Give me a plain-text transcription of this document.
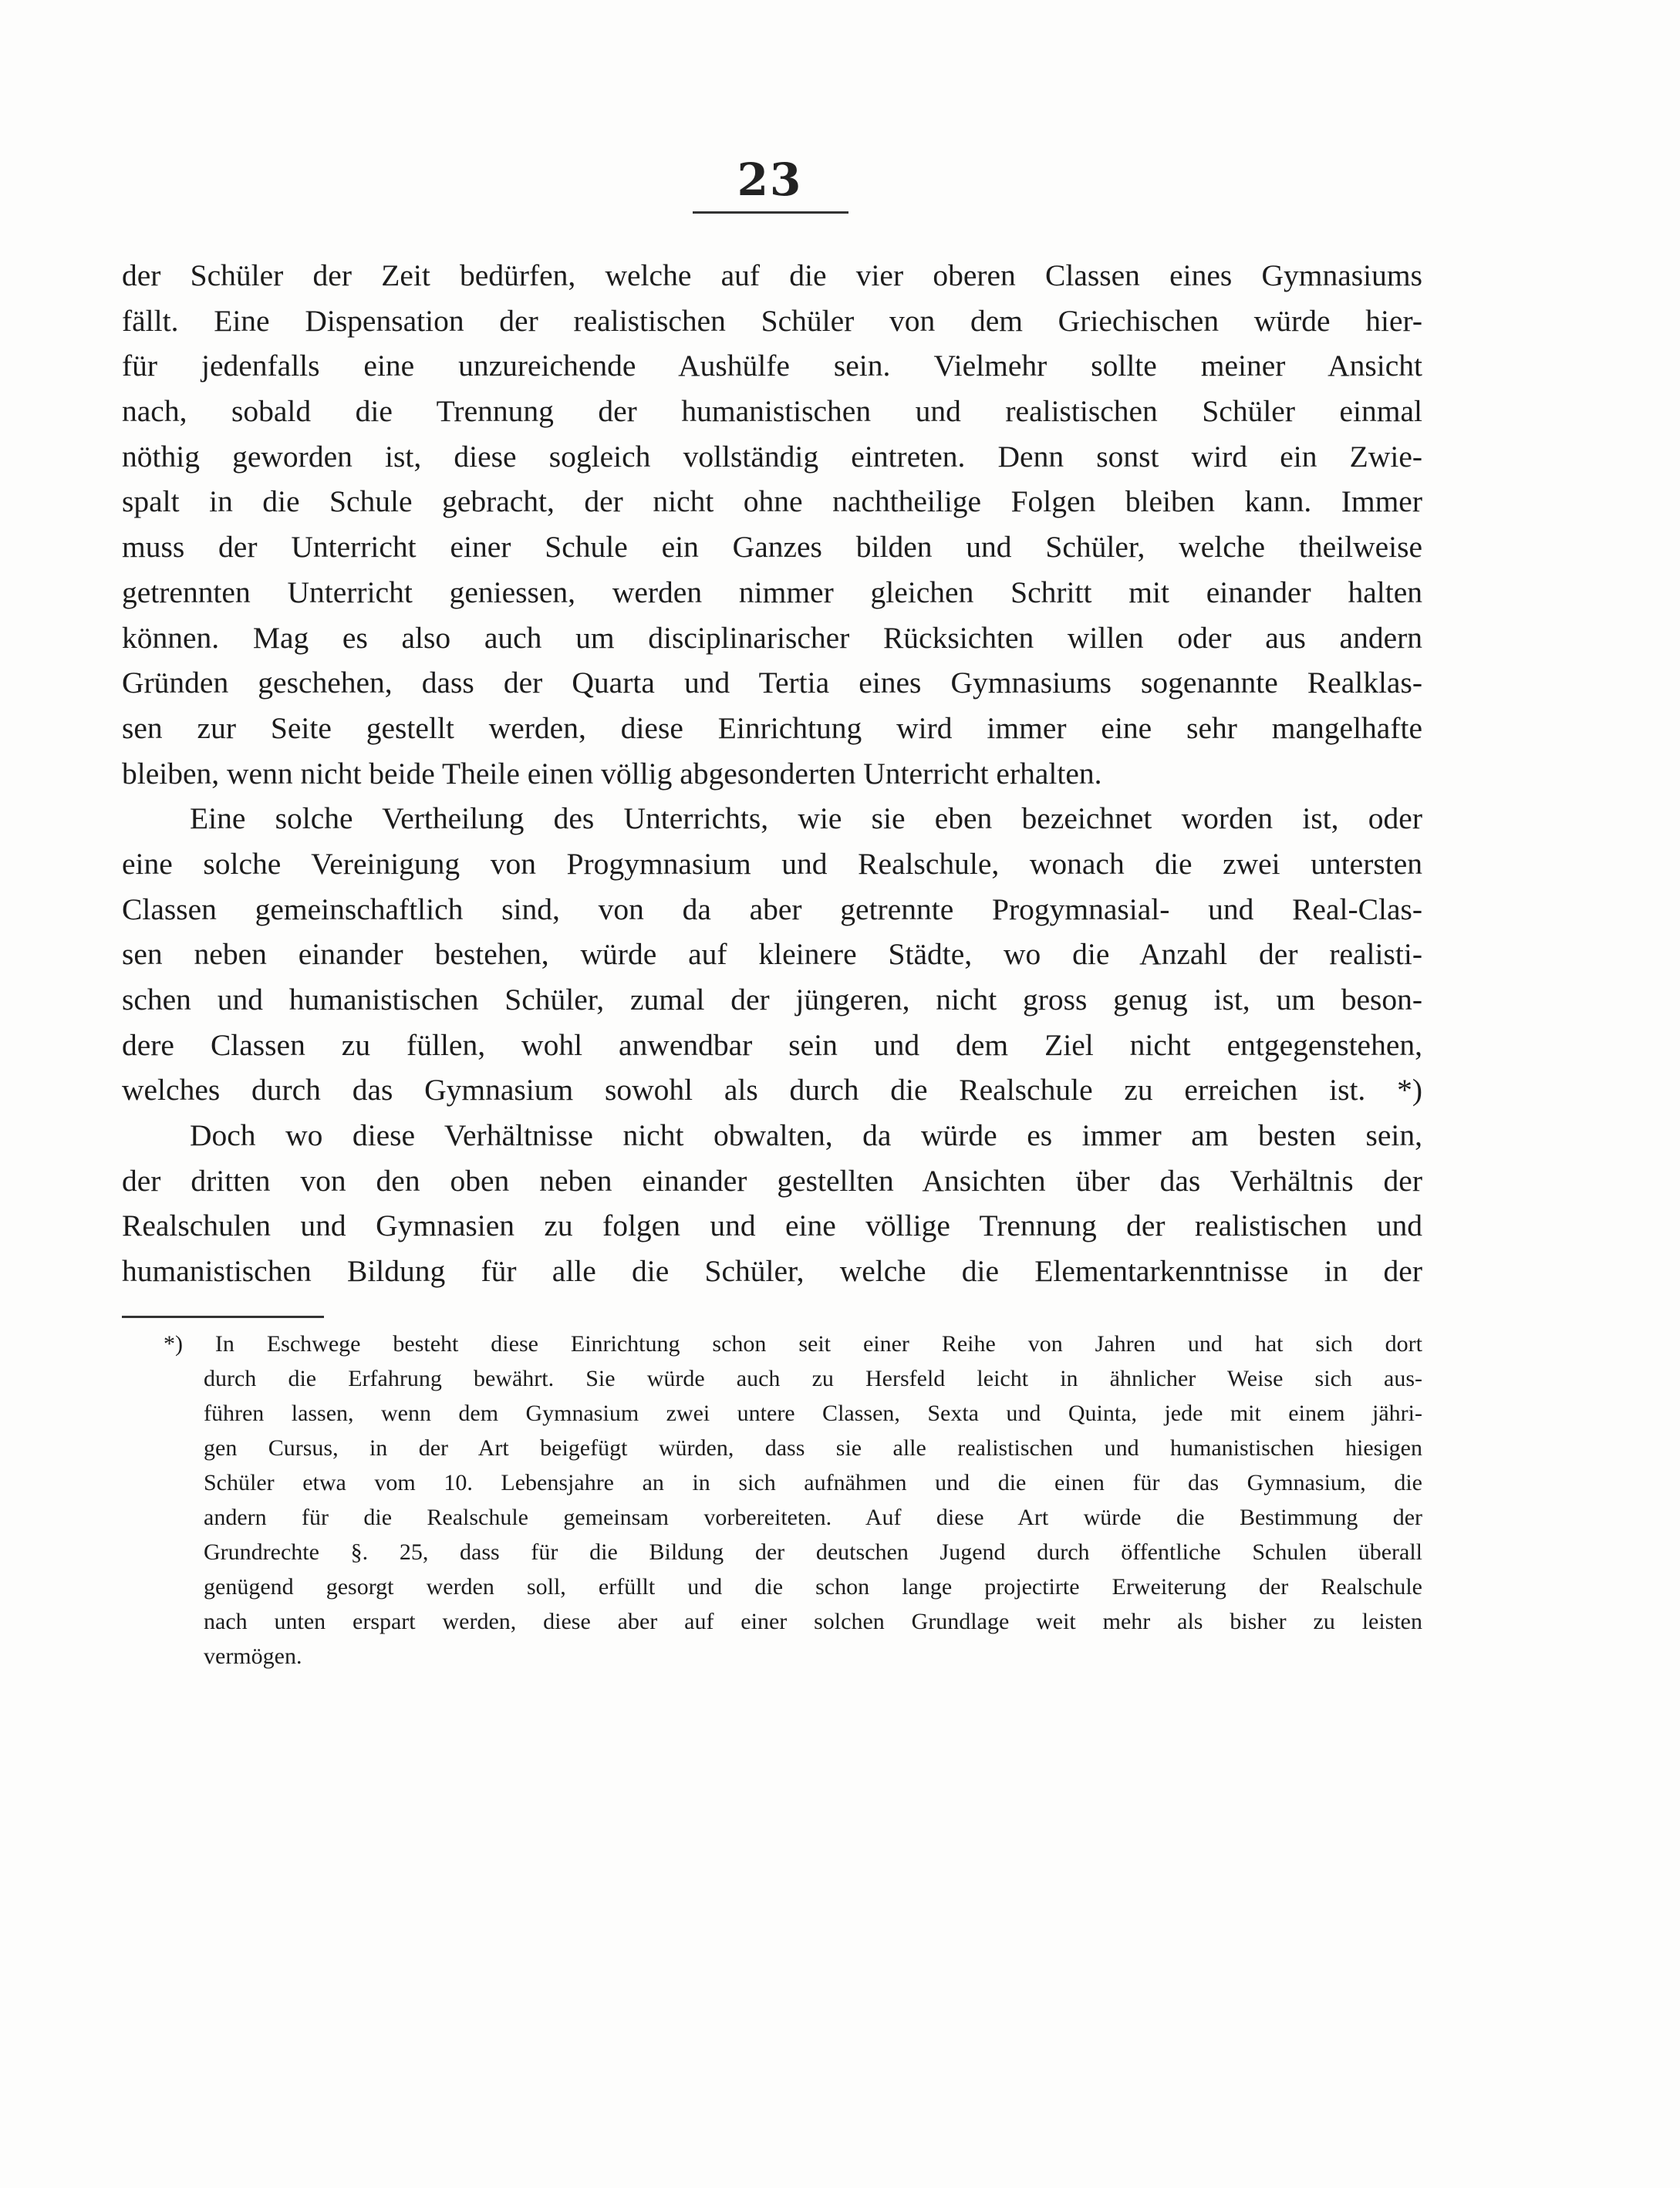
23
der Schüler der Zeit bedürfen, welche auf die vier oberen Classen eines Gymnasiums
fällt. Eine Dispensation der realistischen Schüler von dem Griechischen würde hier-
für jedenfalls eine unzureichende Aushülfe sein. Vielmehr sollte meiner Ansicht
nach, sobald die Trennung der humanistischen und realistischen Schüler einmal
nöthig geworden ist, diese sogleich vollständig eintreten. Denn sonst wird ein Zwie-
spalt in die Schule gebracht, der nicht ohne nachtheilige Folgen bleiben kann. Immer
muss der Unterricht einer Schule ein Ganzes bilden und Schüler, welche theilweise
getrennten Unterricht geniessen, werden nimmer gleichen Schritt mit einander halten
können. Mag es also auch um disciplinarischer Rücksichten willen oder aus andern
Gründen geschehen, dass der Quarta und Tertia eines Gymnasiums sogenannte Realklas-
sen zur Seite gestellt werden, diese Einrichtung wird immer eine sehr mangelhafte
bleiben, wenn nicht beide Theile einen völlig abgesonderten Unterricht erhalten.
Eine solche Vertheilung des Unterrichts, wie sie eben bezeichnet worden ist, oder
eine solche Vereinigung von Progymnasium und Realschule, wonach die zwei untersten
Classen gemeinschaftlich sind, von da aber getrennte Progymnasial- und Real-Clas-
sen neben einander bestehen, würde auf kleinere Städte, wo die Anzahl der realisti-
schen und humanistischen Schüler, zumal der jüngeren, nicht gross genug ist, um beson-
dere Classen zu füllen, wohl anwendbar sein und dem Ziel nicht entgegenstehen,
welches durch das Gymnasium sowohl als durch die Realschule zu erreichen ist. *)
Doch wo diese Verhältnisse nicht obwalten, da würde es immer am besten sein,
der dritten von den oben neben einander gestellten Ansichten über das Verhältnis der
Realschulen und Gymnasien zu folgen und eine völlige Trennung der realistischen und
humanistischen Bildung für alle die Schüler, welche die Elementarkenntnisse in der
*) In Eschwege besteht diese Einrichtung schon seit einer Reihe von Jahren und hat sich dort
durch die Erfahrung bewährt. Sie würde auch zu Hersfeld leicht in ähnlicher Weise sich aus-
führen lassen, wenn dem Gymnasium zwei untere Classen, Sexta und Quinta, jede mit einem jähri-
gen Cursus, in der Art beigefügt würden, dass sie alle realistischen und humanistischen hiesigen
Schüler etwa vom 10. Lebensjahre an in sich aufnähmen und die einen für das Gymnasium, die
andern für die Realschule gemeinsam vorbereiteten. Auf diese Art würde die Bestimmung der
Grundrechte §. 25, dass für die Bildung der deutschen Jugend durch öffentliche Schulen überall
genügend gesorgt werden soll, erfüllt und die schon lange projectirte Erweiterung der Realschule
nach unten erspart werden, diese aber auf einer solchen Grundlage weit mehr als bisher zu leisten
vermögen.
